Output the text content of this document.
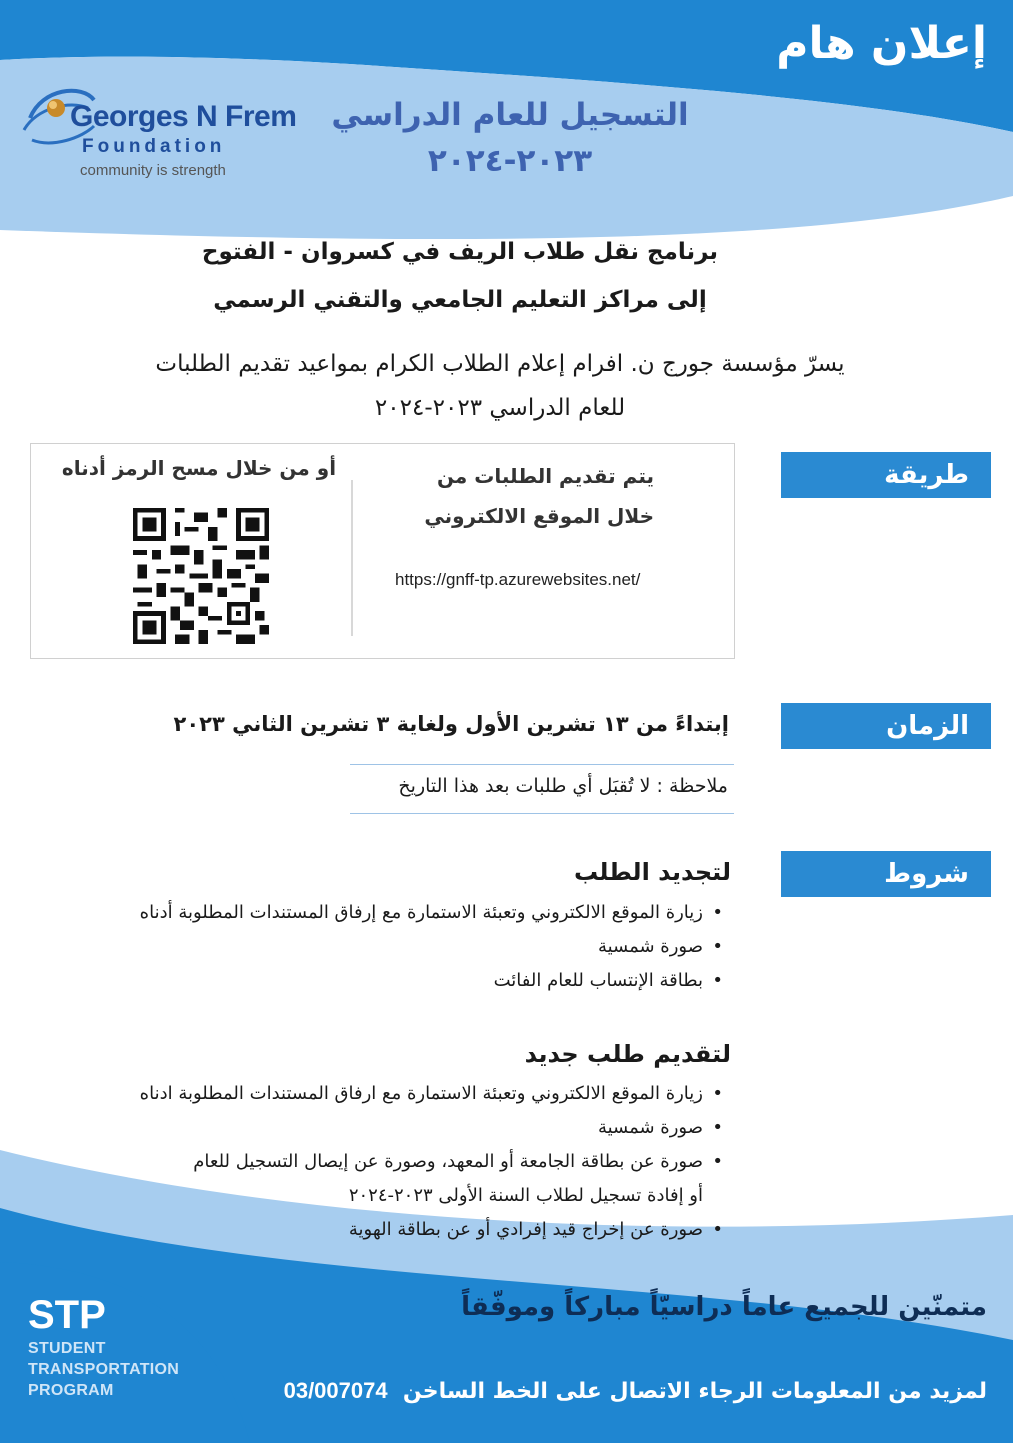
إعلان هام
Georges N Frem
Foundation
community is strength
التسجيل للعام الدراسي
٢٠٢٣-٢٠٢٤
برنامج نقل طلاب الريف في كسروان - الفتوح
إلى مراكز التعليم الجامعي والتقني الرسمي
يسرّ مؤسسة جورج ن. افرام إعلام الطلاب الكرام بمواعيد تقديم الطلبات
للعام الدراسي ٢٠٢٣-٢٠٢٤
طريقة التسجيل
يتم تقديم الطلبات من
خلال الموقع الالكتروني
https://gnff-tp.azurewebsites.net/
أو من خلال مسح الرمز أدناه
الزمان
إبتداءً من ١٣ تشرين الأول ولغاية ٣ تشرين الثاني ٢٠٢٣
ملاحظة : لا تُقبَل أي طلبات بعد هذا التاريخ
شروط الإنتساب
لتجديد الطلب
• زيارة الموقع الالكتروني وتعبئة الاستمارة مع إرفاق المستندات المطلوبة أدناه
• صورة شمسية
• بطاقة الإنتساب للعام الفائت
لتقديم طلب جديد
• زيارة الموقع الالكتروني وتعبئة الاستمارة مع ارفاق المستندات المطلوبة ادناه
• صورة شمسية
• صورة عن بطاقة الجامعة أو المعهد، وصورة عن إيصال التسجيل للعام
أو إفادة تسجيل لطلاب السنة الأولى ٢٠٢٣-٢٠٢٤
• صورة عن إخراج قيد إفرادي أو عن بطاقة الهوية
متمنّين للجميع عاماً دراسيّاً مباركاً وموفّقاً
لمزيد من المعلومات الرجاء الاتصال على الخط الساخن  03/007074
STP
STUDENT
TRANSPORTATION
PROGRAM
